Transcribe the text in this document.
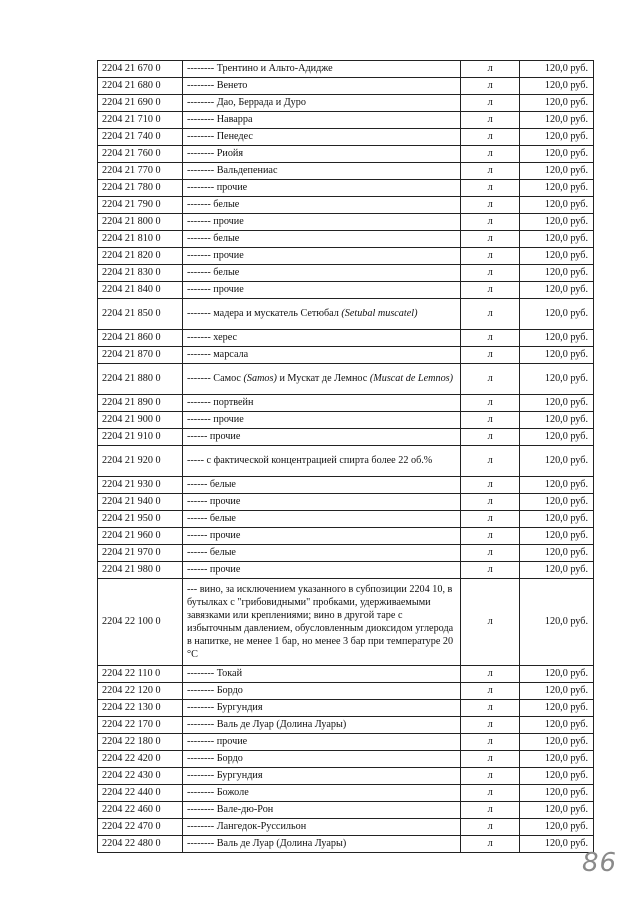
2204 21 670 0	-------- Трентино и Альто-Адидже	л	120,0 руб.
2204 21 680 0	-------- Венето	л	120,0 руб.
2204 21 690 0	-------- Дао, Беррада и Дуро	л	120,0 руб.
2204 21 710 0	-------- Наварра	л	120,0 руб.
2204 21 740 0	-------- Пенедес	л	120,0 руб.
2204 21 760 0	-------- Риойя	л	120,0 руб.
2204 21 770 0	-------- Вальдепениас	л	120,0 руб.
2204 21 780 0	-------- прочие	л	120,0 руб.
2204 21 790 0	------- белые	л	120,0 руб.
2204 21 800 0	------- прочие	л	120,0 руб.
2204 21 810 0	------- белые	л	120,0 руб.
2204 21 820 0	------- прочие	л	120,0 руб.
2204 21 830 0	------- белые	л	120,0 руб.
2204 21 840 0	------- прочие	л	120,0 руб.
2204 21 850 0	------- мадера и мускатель Сетюбал (Setubal muscatel)	л	120,0 руб.
2204 21 860 0	------- херес	л	120,0 руб.
2204 21 870 0	------- марсала	л	120,0 руб.
2204 21 880 0	------- Самос (Samos) и Мускат де Лемнос (Muscat de Lemnos)	л	120,0 руб.
2204 21 890 0	------- портвейн	л	120,0 руб.
2204 21 900 0	------- прочие	л	120,0 руб.
2204 21 910 0	------ прочие	л	120,0 руб.
2204 21 920 0	----- с фактической концентрацией спирта более 22 об.%	л	120,0 руб.
2204 21 930 0	------ белые	л	120,0 руб.
2204 21 940 0	------ прочие	л	120,0 руб.
2204 21 950 0	------ белые	л	120,0 руб.
2204 21 960 0	------ прочие	л	120,0 руб.
2204 21 970 0	------ белые	л	120,0 руб.
2204 21 980 0	------ прочие	л	120,0 руб.
2204 22 100 0	--- вино, за исключением указанного в субпозиции 2204 10, в бутылках с "грибовидными" пробками, удерживаемыми завязками или креплениями; вино в другой таре с избыточным давлением, обусловленным диоксидом углерода в напитке, не менее 1 бар, но менее 3 бар при температуре 20 °С	л	120,0 руб.
2204 22 110 0	-------- Токай	л	120,0 руб.
2204 22 120 0	-------- Бордо	л	120,0 руб.
2204 22 130 0	-------- Бургундия	л	120,0 руб.
2204 22 170 0	-------- Валь де Луар (Долина Луары)	л	120,0 руб.
2204 22 180 0	-------- прочие	л	120,0 руб.
2204 22 420 0	-------- Бордо	л	120,0 руб.
2204 22 430 0	-------- Бургундия	л	120,0 руб.
2204 22 440 0	-------- Божоле	л	120,0 руб.
2204 22 460 0	-------- Вале-дю-Рон	л	120,0 руб.
2204 22 470 0	-------- Лангедок-Руссильон	л	120,0 руб.
2204 22 480 0	-------- Валь де Луар (Долина Луары)	л	120,0 руб.
86
